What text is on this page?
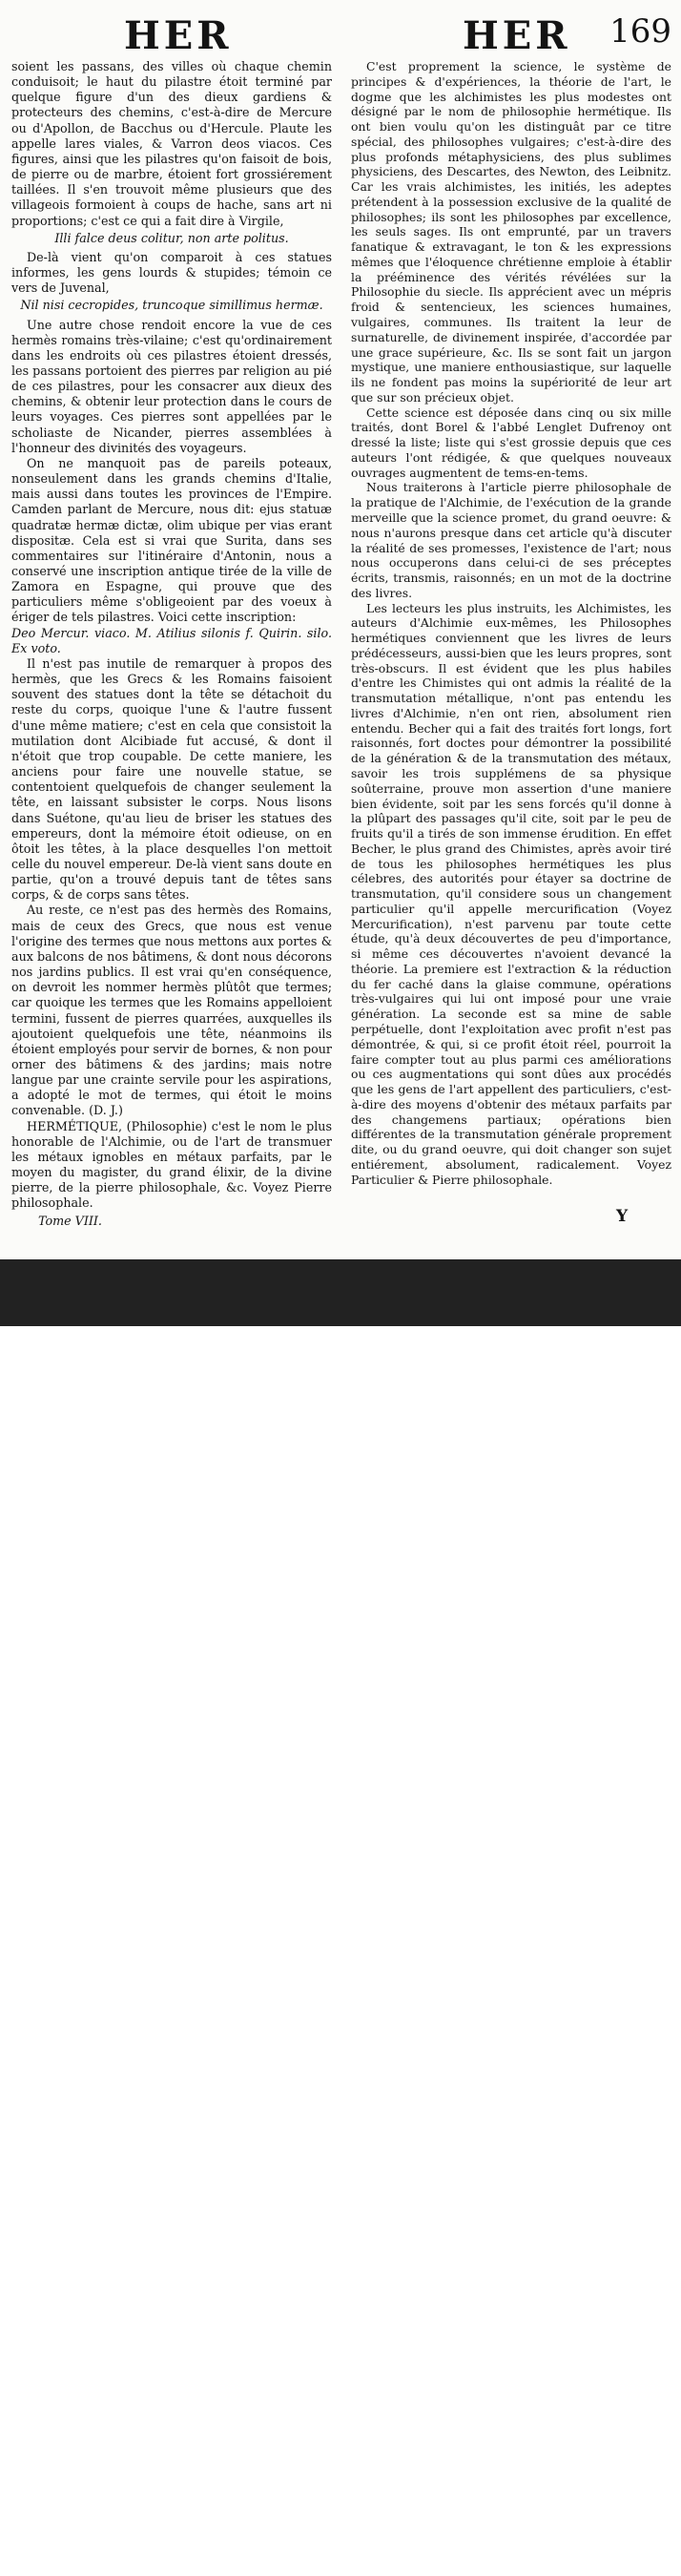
HER	HER 169

soient les passans, des villes où chaque chemin conduisoit; le haut du pilastre étoit terminé par quelque figure d'un des dieux gardiens & protecteurs des chemins, c'est-à-dire de Mercure ou d'Apollon, de Bacchus ou d'Hercule. Plaute les appelle lares viales, & Varron deos viacos. Ces figures, ainsi que les pilastres qu'on faisoit de bois, de pierre ou de marbre, étoient fort grossiérement taillées. Il s'en trouvoit même plusieurs que des villageois formoient à coups de hache, sans art ni proportions; c'est ce qui a fait dire à Virgile,

Illi falce deus colitur, non arte politus.

De-là vient qu'on comparoit à ces statues informes, les gens lourds & stupides; témoin ce vers de Juvenal,

Nil nisi cecropides, truncoque simillimus hermæ.

Une autre chose rendoit encore la vue de ces hermès romains très-vilaine; c'est qu'ordinairement dans les endroits où ces pilastres étoient dressés, les passans portoient des pierres par religion au pié de ces pilastres, pour les consacrer aux dieux des chemins, & obtenir leur protection dans le cours de leurs voyages. Ces pierres sont appellées par le scholiaste de Nicander, pierres assemblées à l'honneur des divinités des voyageurs.

On ne manquoit pas de pareils poteaux, nonseulement dans les grands chemins d'Italie, mais aussi dans toutes les provinces de l'Empire. Camden parlant de Mercure, nous dit: ejus statuæ quadratæ hermæ dictæ, olim ubique per vias erant dispositæ. Cela est si vrai que Surita, dans ses commentaires sur l'itinéraire d'Antonin, nous a conservé une inscription antique tirée de la ville de Zamora en Espagne, qui prouve que des particuliers même s'obligeoient par des voeux à ériger de tels pilastres. Voici cette inscription:

Deo Mercur. viaco. M. Atilius silonis f. Quirin. silo. Ex voto.

Il n'est pas inutile de remarquer à propos des hermès, que les Grecs & les Romains faisoient souvent des statues dont la tête se détachoit du reste du corps, quoique l'une & l'autre fussent d'une même matiere; c'est en cela que consistoit la mutilation dont Alcibiade fut accusé, & dont il n'étoit que trop coupable. De cette maniere, les anciens pour faire une nouvelle statue, se contentoient quelquefois de changer seulement la tête, en laissant subsister le corps. Nous lisons dans Suétone, qu'au lieu de briser les statues des empereurs, dont la mémoire étoit odieuse, on en ôtoit les têtes, à la place desquelles l'on mettoit celle du nouvel empereur. De-là vient sans doute en partie, qu'on a trouvé depuis tant de têtes sans corps, & de corps sans têtes.

Au reste, ce n'est pas des hermès des Romains, mais de ceux des Grecs, que nous est venue l'origine des termes que nous mettons aux portes & aux balcons de nos bâtimens, & dont nous décorons nos jardins publics. Il est vrai qu'en conséquence, on devroit les nommer hermès plûtôt que termes; car quoique les termes que les Romains appelloient termini, fussent de pierres quarrées, auxquelles ils ajoutoient quelquefois une tête, néanmoins ils étoient employés pour servir de bornes, & non pour orner des bâtimens & des jardins; mais notre langue par une crainte servile pour les aspirations, a adopté le mot de termes, qui étoit le moins convenable. (D. J.)

HERMÉTIQUE, (Philosophie) c'est le nom le plus honorable de l'Alchimie, ou de l'art de transmuer les métaux ignobles en métaux parfaits, par le moyen du magister, du grand élixir, de la divine pierre, de la pierre philosophale, &c. Voyez Pierre philosophale.

Tome VIII.

C'est proprement la science, le système de principes & d'expériences, la théorie de l'art, le dogme que les alchimistes les plus modestes ont désigné par le nom de philosophie hermétique. Ils ont bien voulu qu'on les distinguât par ce titre spécial, des philosophes vulgaires; c'est-à-dire des plus profonds métaphysiciens, des plus sublimes physiciens, des Descartes, des Newton, des Leibnitz. Car les vrais alchimistes, les initiés, les adeptes prétendent à la possession exclusive de la qualité de philosophes; ils sont les philosophes par excellence, les seuls sages. Ils ont emprunté, par un travers fanatique & extravagant, le ton & les expressions mêmes que l'éloquence chrétienne emploie à établir la prééminence des vérités révélées sur la Philosophie du siecle. Ils apprécient avec un mépris froid & sentencieux, les sciences humaines, vulgaires, communes. Ils traitent la leur de surnaturelle, de divinement inspirée, d'accordée par une grace supérieure, &c. Ils se sont fait un jargon mystique, une maniere enthousiastique, sur laquelle ils ne fondent pas moins la supériorité de leur art que sur son précieux objet.

Cette science est déposée dans cinq ou six mille traités, dont Borel & l'abbé Lenglet Dufrenoy ont dressé la liste; liste qui s'est grossie depuis que ces auteurs l'ont rédigée, & que quelques nouveaux ouvrages augmentent de tems-en-tems.

Nous traiterons à l'article pierre philosophale de la pratique de l'Alchimie, de l'exécution de la grande merveille que la science promet, du grand oeuvre: & nous n'aurons presque dans cet article qu'à discuter la réalité de ses promesses, l'existence de l'art; nous nous occuperons dans celui-ci de ses préceptes écrits, transmis, raisonnés; en un mot de la doctrine des livres.

Les lecteurs les plus instruits, les Alchimistes, les auteurs d'Alchimie eux-mêmes, les Philosophes hermétiques conviennent que les livres de leurs prédécesseurs, aussi-bien que les leurs propres, sont très-obscurs. Il est évident que les plus habiles d'entre les Chimistes qui ont admis la réalité de la transmutation métallique, n'ont pas entendu les livres d'Alchimie, n'en ont rien, absolument rien entendu. Becher qui a fait des traités fort longs, fort raisonnés, fort doctes pour démontrer la possibilité de la génération & de la transmutation des métaux, savoir les trois supplémens de sa physique soûterraine, prouve mon assertion d'une maniere bien évidente, soit par les sens forcés qu'il donne à la plûpart des passages qu'il cite, soit par le peu de fruits qu'il a tirés de son immense érudition. En effet Becher, le plus grand des Chimistes, après avoir tiré de tous les philosophes hermétiques les plus célebres, des autorités pour étayer sa doctrine de transmutation, qu'il considere sous un changement particulier qu'il appelle mercurification (Voyez Mercurification), n'est parvenu par toute cette étude, qu'à deux découvertes de peu d'importance, si même ces découvertes n'avoient devancé la théorie. La premiere est l'extraction & la réduction du fer caché dans la glaise commune, opérations très-vulgaires qui lui ont imposé pour une vraie génération. La seconde est sa mine de sable perpétuelle, dont l'exploitation avec profit n'est pas démontrée, & qui, si ce profit étoit réel, pourroit la faire compter tout au plus parmi ces améliorations ou ces augmentations qui sont dûes aux procédés que les gens de l'art appellent des particuliers, c'est-à-dire des moyens d'obtenir des métaux parfaits par des changemens partiaux; opérations bien différentes de la transmutation générale proprement dite, ou du grand oeuvre, qui doit changer son sujet entiérement, absolument, radicalement. Voyez Particulier & Pierre philosophale.

Y
alamy	J8BFDG
www.alamy.com
